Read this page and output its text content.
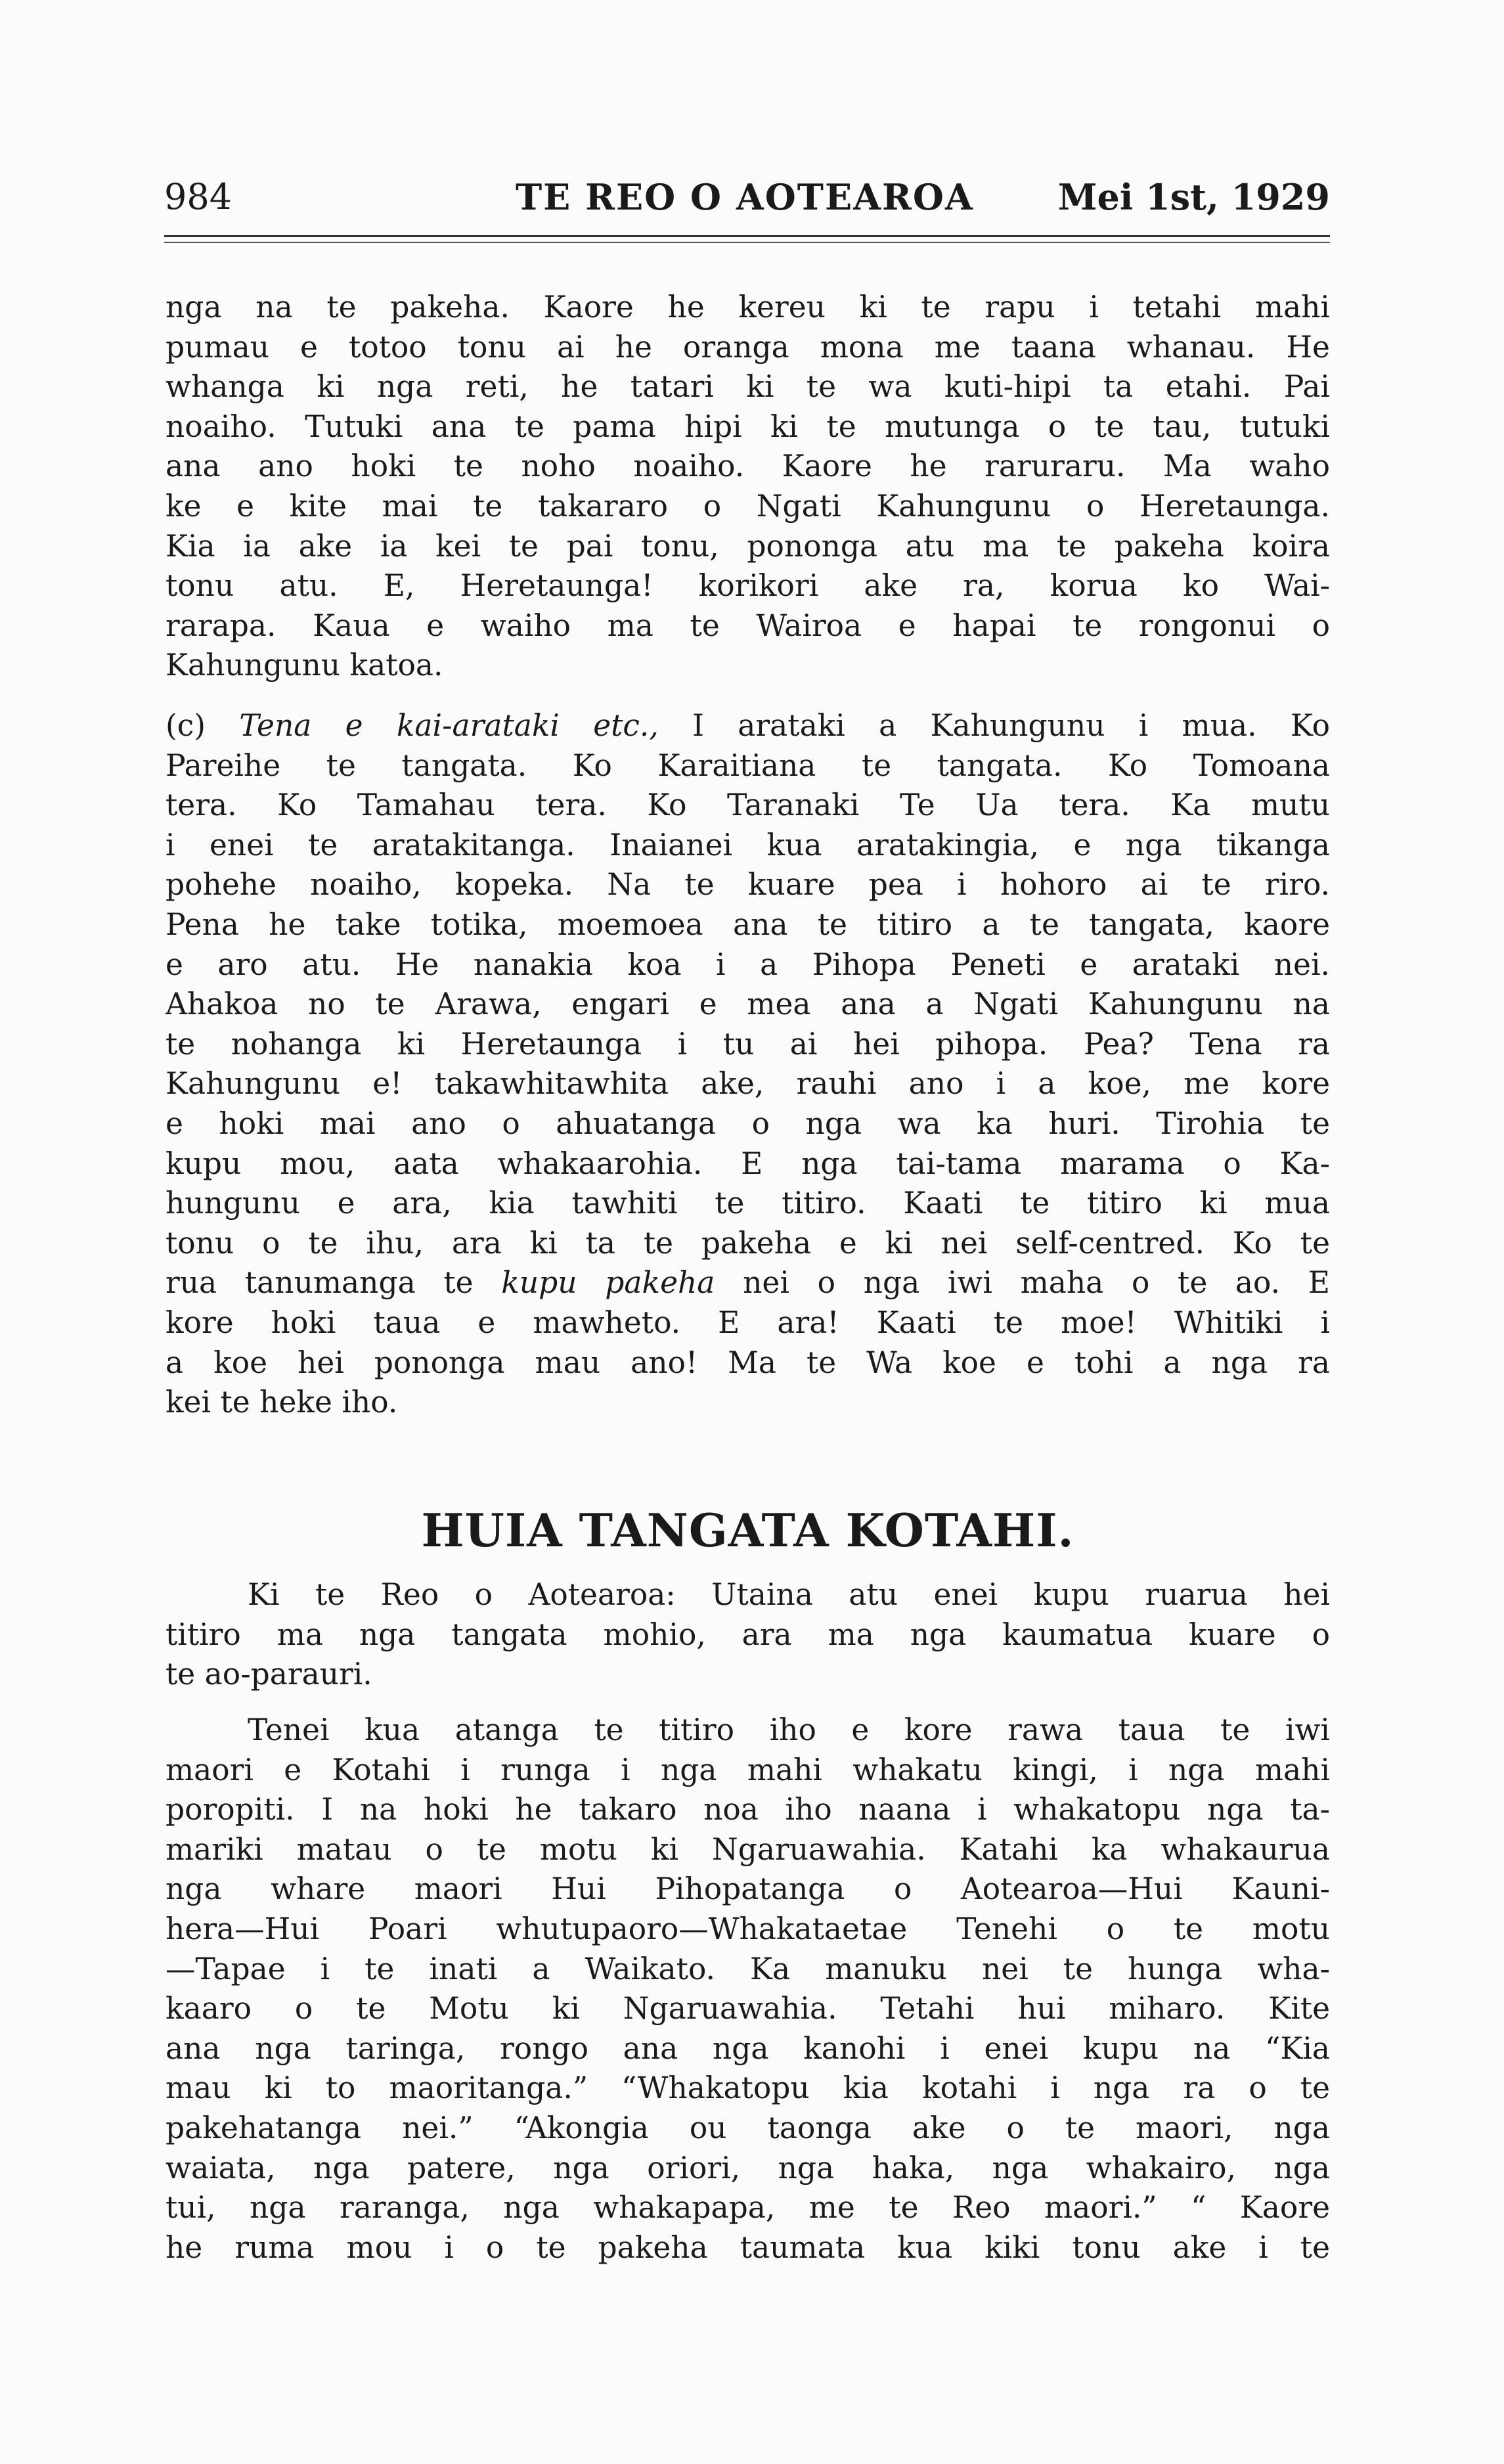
984	TE REO O AOTEAROA Mei 1st, 1929
nga na te pakeha. Kaore he kereu ki te rapu i tetahi mahi
pumau e totoo tonu ai he oranga mona me taana whanau. He
whanga ki nga reti, he tatari ki te wa kuti-hipi ta etahi. Pai
noaiho. Tutuki ana te pama hipi ki te mutunga o te tau, tutuki
ana ano hoki te noho noaiho. Kaore he raruraru. Ma waho
ke e kite mai te takararo o Ngati Kahungunu o Heretaunga.
Kia ia ake ia kei te pai tonu, pononga atu ma te pakeha koira
tonu atu. E, Heretaunga! korikori ake ra, korua ko Wai-
rarapa. Kaua e waiho ma te Wairoa e hapai te rongonui o
Kahungunu katoa.
(c) Tena e kai-arataki etc., I arataki a Kahungunu i mua. Ko
Pareihe te tangata. Ko Karaitiana te tangata. Ko Tomoana
tera. Ko Tamahau tera. Ko Taranaki Te Ua tera. Ka mutu
i enei te aratakitanga. Inaianei kua aratakingia, e nga tikanga
pohehe noaiho, kopeka. Na te kuare pea i hohoro ai te riro.
Pena he take totika, moemoea ana te titiro a te tangata, kaore
e aro atu. He nanakia koa i a Pihopa Peneti e arataki nei.
Ahakoa no te Arawa, engari e mea ana a Ngati Kahungunu na
te nohanga ki Heretaunga i tu ai hei pihopa. Pea? Tena ra
Kahungunu e! takawhitawhita ake, rauhi ano i a koe, me kore
e hoki mai ano o ahuatanga o nga wa ka huri. Tirohia te
kupu mou, aata whakaarohia. E nga tai-tama marama o Ka-
hungunu e ara, kia tawhiti te titiro. Kaati te titiro ki mua
tonu o te ihu, ara ki ta te pakeha e ki nei self-centred. Ko te
rua tanumanga te kupu pakeha nei o nga iwi maha o te ao. E
kore hoki taua e mawheto. E ara! Kaati te moe! Whitiki i
a koe hei pononga mau ano! Ma te Wa koe e tohi a nga ra
kei te heke iho.
HUIA TANGATA KOTAHI.
Ki te Reo o Aotearoa: Utaina atu enei kupu ruarua hei
titiro ma nga tangata mohio, ara ma nga kaumatua kuare o
te ao-parauri.
Tenei kua atanga te titiro iho e kore rawa taua te iwi
maori e Kotahi i runga i nga mahi whakatu kingi, i nga mahi
poropiti. I na hoki he takaro noa iho naana i whakatopu nga ta-
mariki matau o te motu ki Ngaruawahia. Katahi ka whakaurua
nga whare maori Hui Pihopatanga o Aotearoa—Hui Kauni-
hera—Hui Poari whutupaoro—Whakataetae Tenehi o te motu
—Tapae i te inati a Waikato. Ka manuku nei te hunga wha-
kaaro o te Motu ki Ngaruawahia. Tetahi hui miharo. Kite
ana nga taringa, rongo ana nga kanohi i enei kupu na “Kia
mau ki to maoritanga.” “Whakatopu kia kotahi i nga ra o te
pakehatanga nei.” “Akongia ou taonga ake o te maori, nga
waiata, nga patere, nga oriori, nga haka, nga whakairo, nga
tui, nga raranga, nga whakapapa, me te Reo maori.” “ Kaore
he ruma mou i o te pakeha taumata kua kiki tonu ake i te
